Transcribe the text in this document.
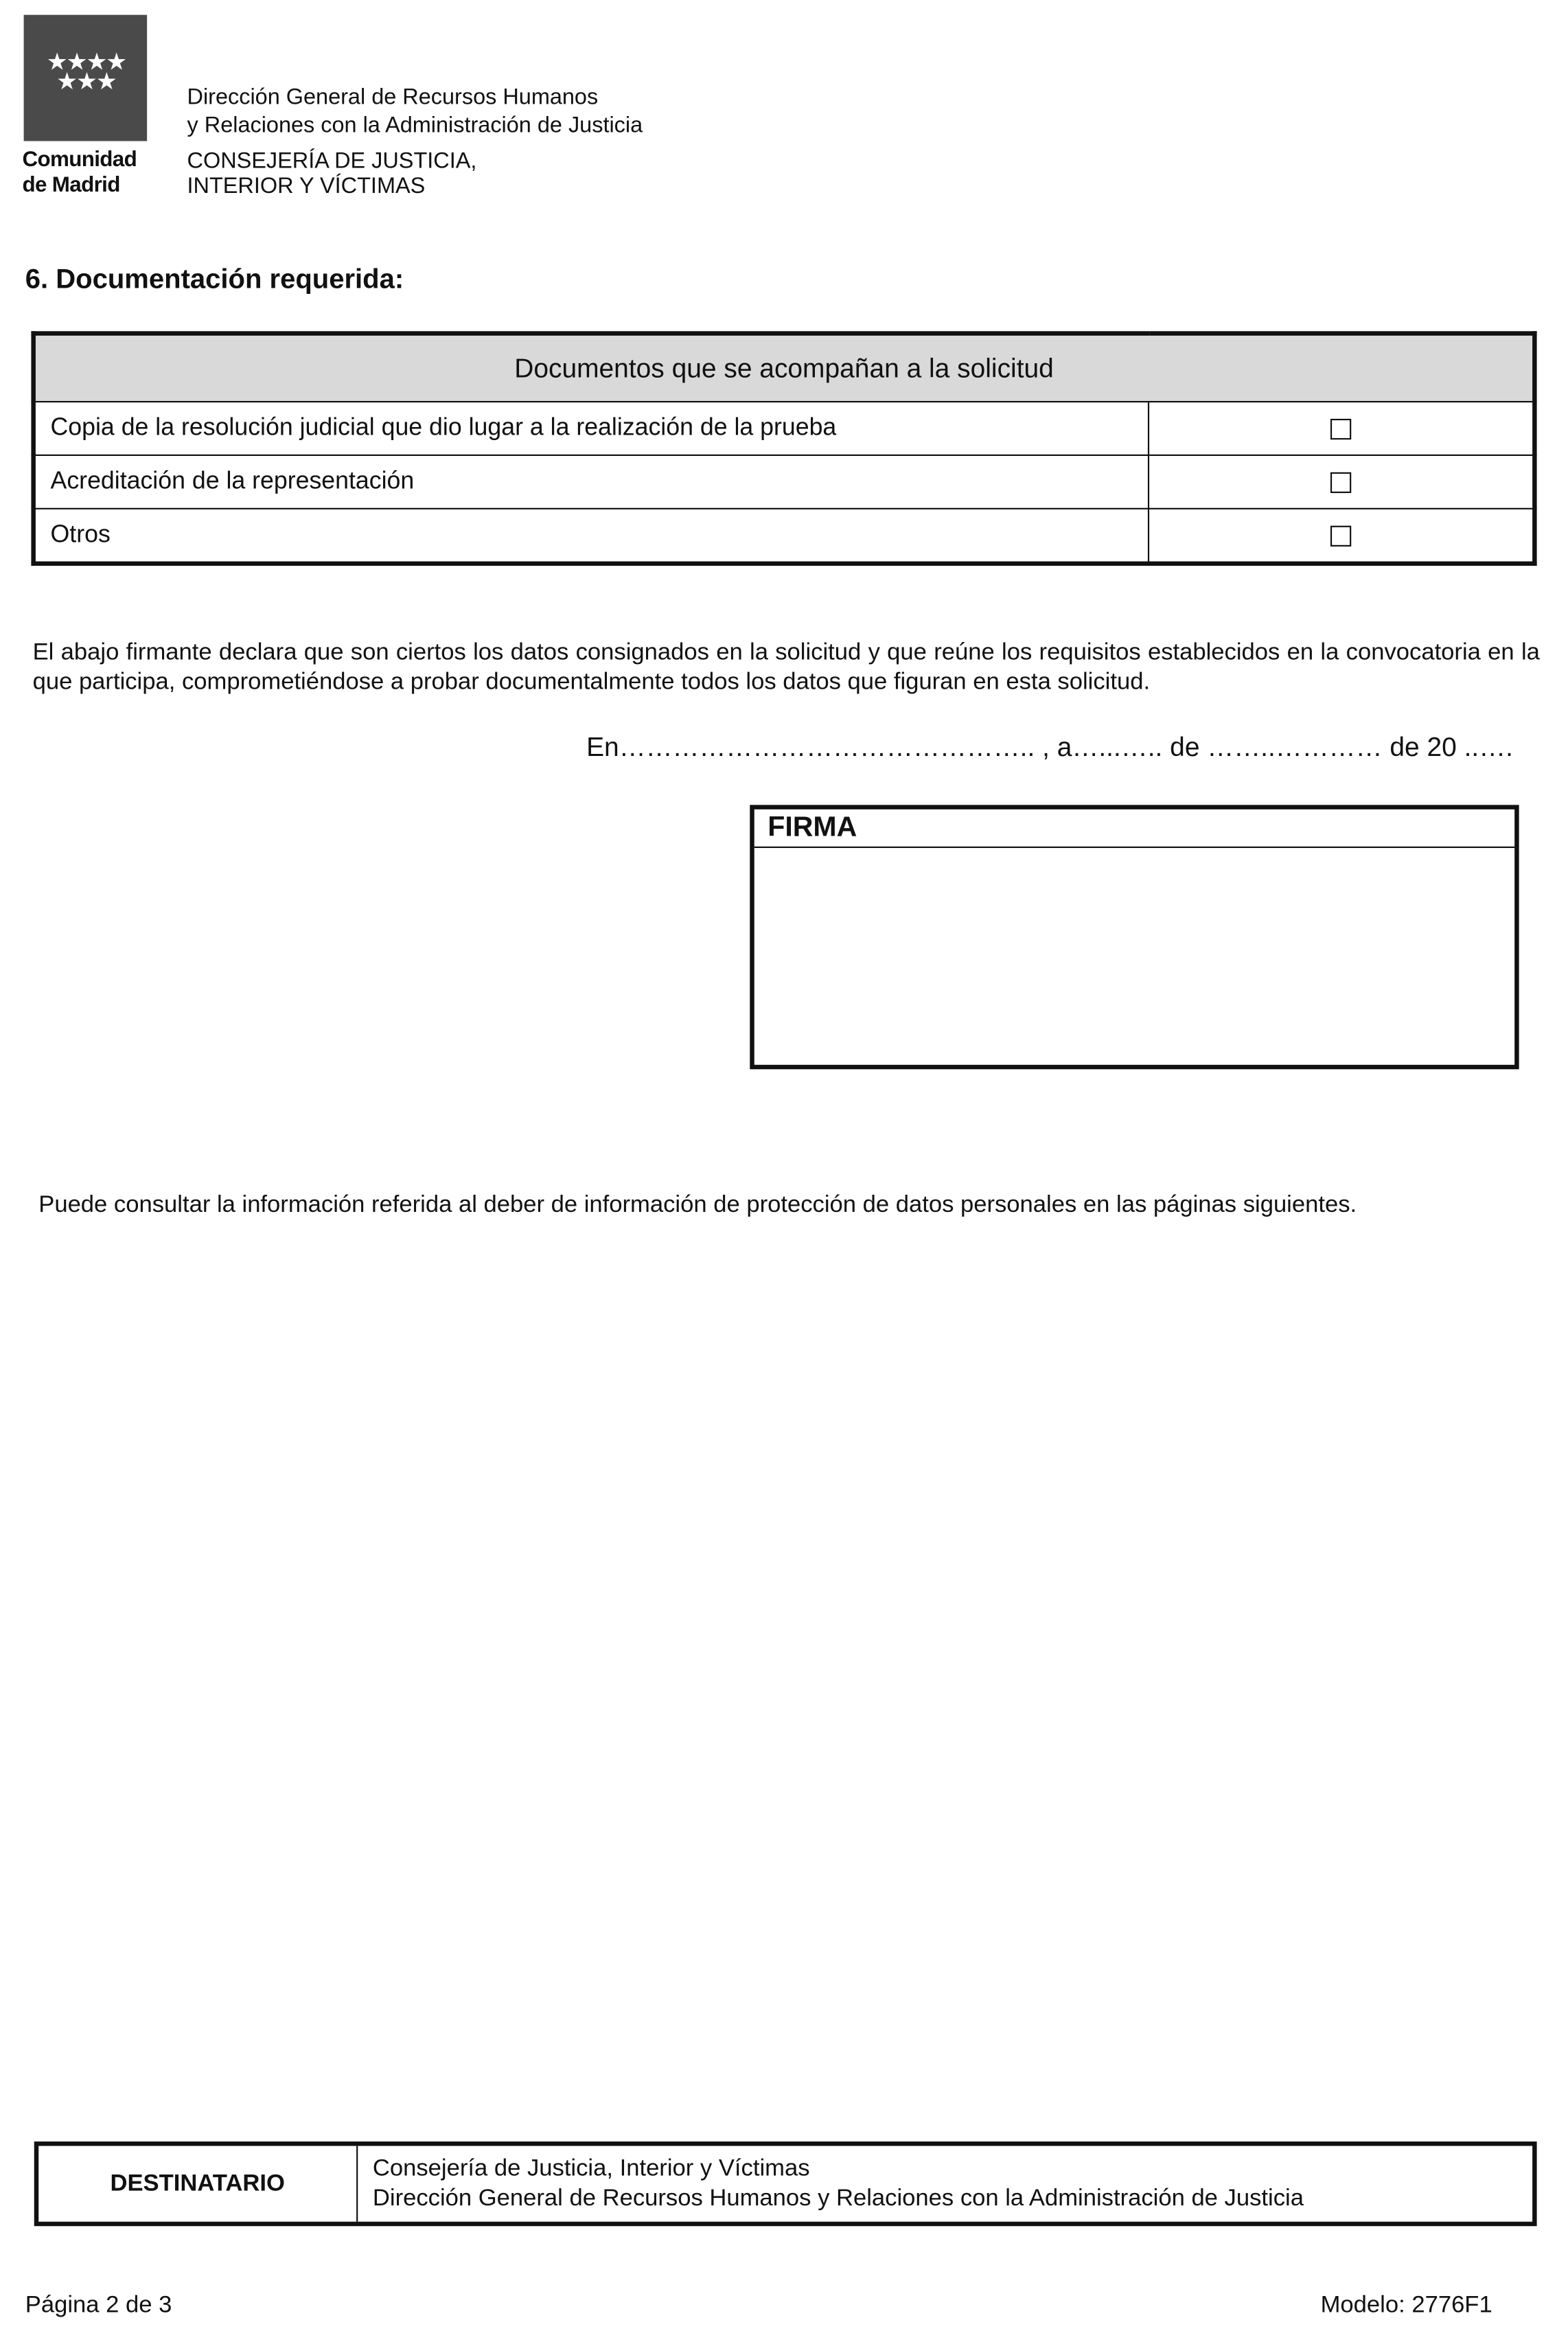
★★★★ ★★★
Comunidad
de Madrid
Dirección General de Recursos Humanos
y Relaciones con la Administración de Justicia
CONSEJERÍA DE JUSTICIA,
INTERIOR Y VÍCTIMAS
6. Documentación requerida:
Documentos que se acompañan a la solicitud	
Copia de la resolución judicial que dio lugar a la realización de la prueba	
Acreditación de la representación	
Otros	
El abajo firmante declara que son ciertos los datos consignados en la solicitud y que reúne los requisitos establecidos en la convocatoria en la que participa, comprometiéndose a probar documentalmente todos los datos que figuran en esta solicitud.
En……………………………………….. , a…...….. de ……..………… de 20 ..….
FIRMA
Puede consultar la información referida al deber de información de protección de datos personales en las páginas siguientes.
DESTINATARIO
Consejería de Justicia, Interior y Víctimas
Dirección General de Recursos Humanos y Relaciones con la Administración de Justicia
Página 2 de 3	Modelo: 2776F1
